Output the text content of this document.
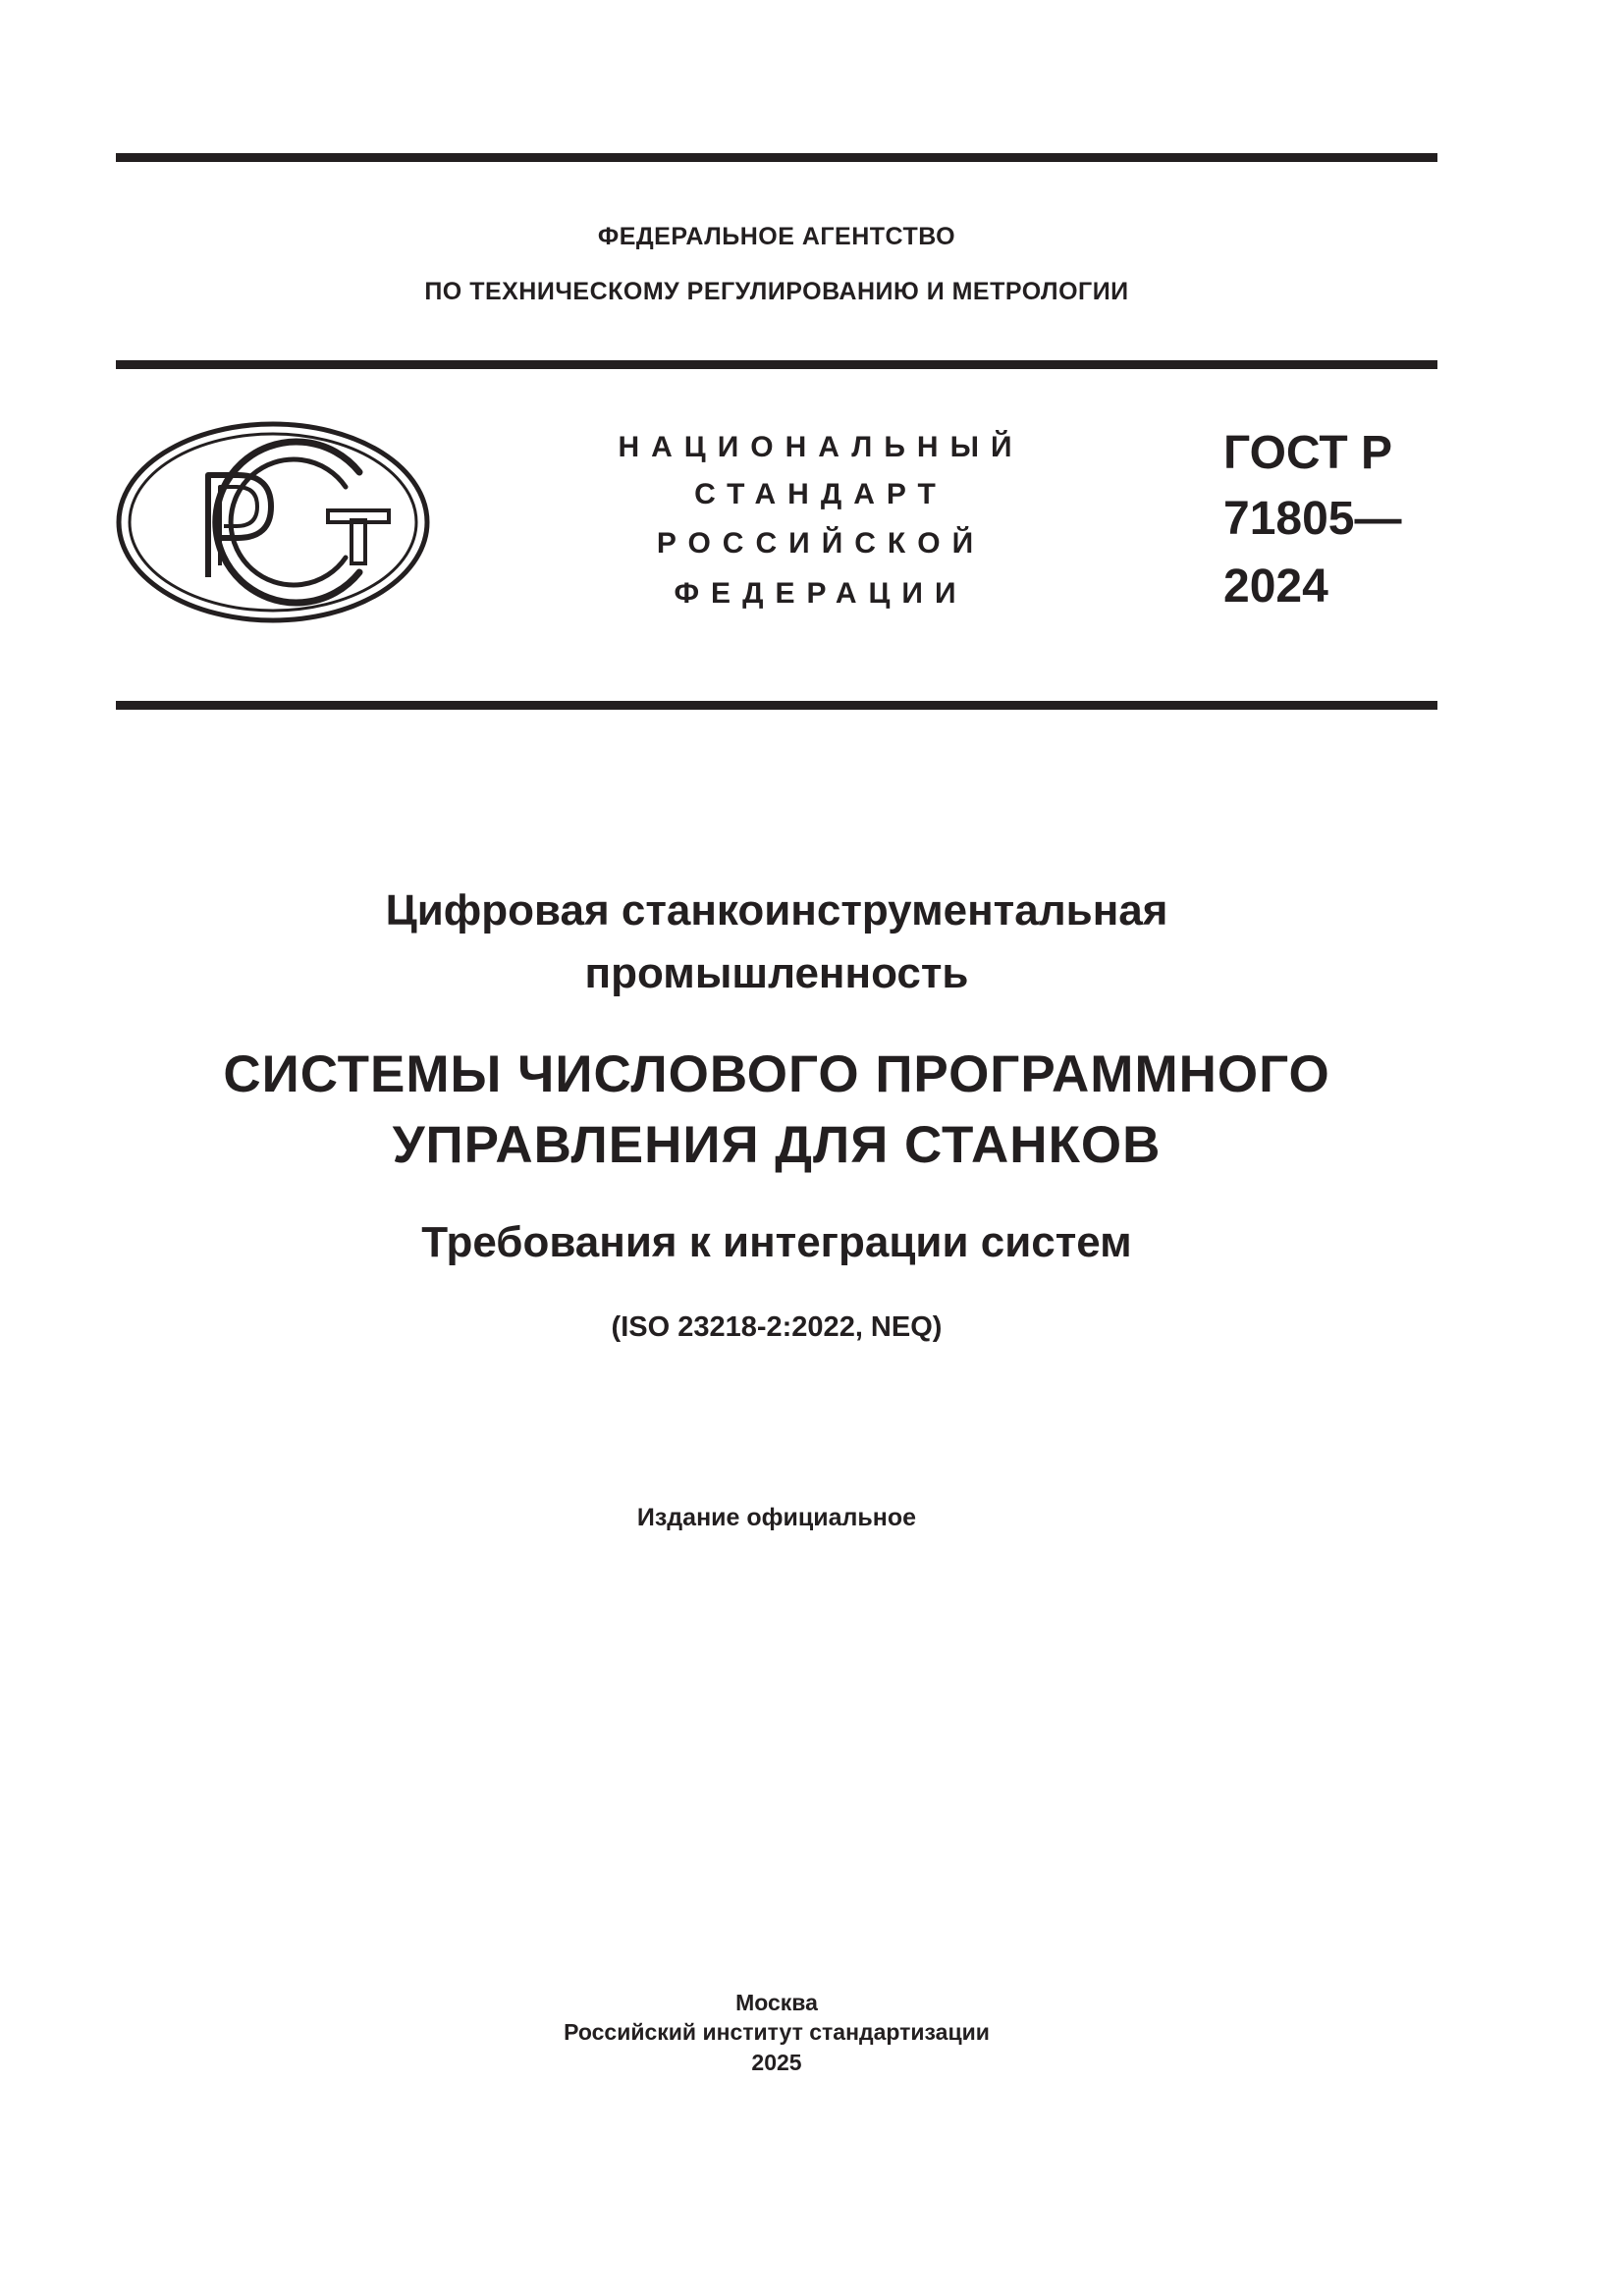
ФЕДЕРАЛЬНОЕ АГЕНТСТВО
ПО ТЕХНИЧЕСКОМУ РЕГУЛИРОВАНИЮ И МЕТРОЛОГИИ
НАЦИОНАЛЬНЫЙ
СТАНДАРТ
РОССИЙСКОЙ
ФЕДЕРАЦИИ
ГОСТ Р
71805—
2024
Цифровая станкоинструментальная
промышленность
СИСТЕМЫ ЧИСЛОВОГО ПРОГРАММНОГО
УПРАВЛЕНИЯ ДЛЯ СТАНКОВ
Требования к интеграции систем
(ISO 23218-2:2022, NEQ)
Издание официальное
Москва
Российский институт стандартизации
2025
